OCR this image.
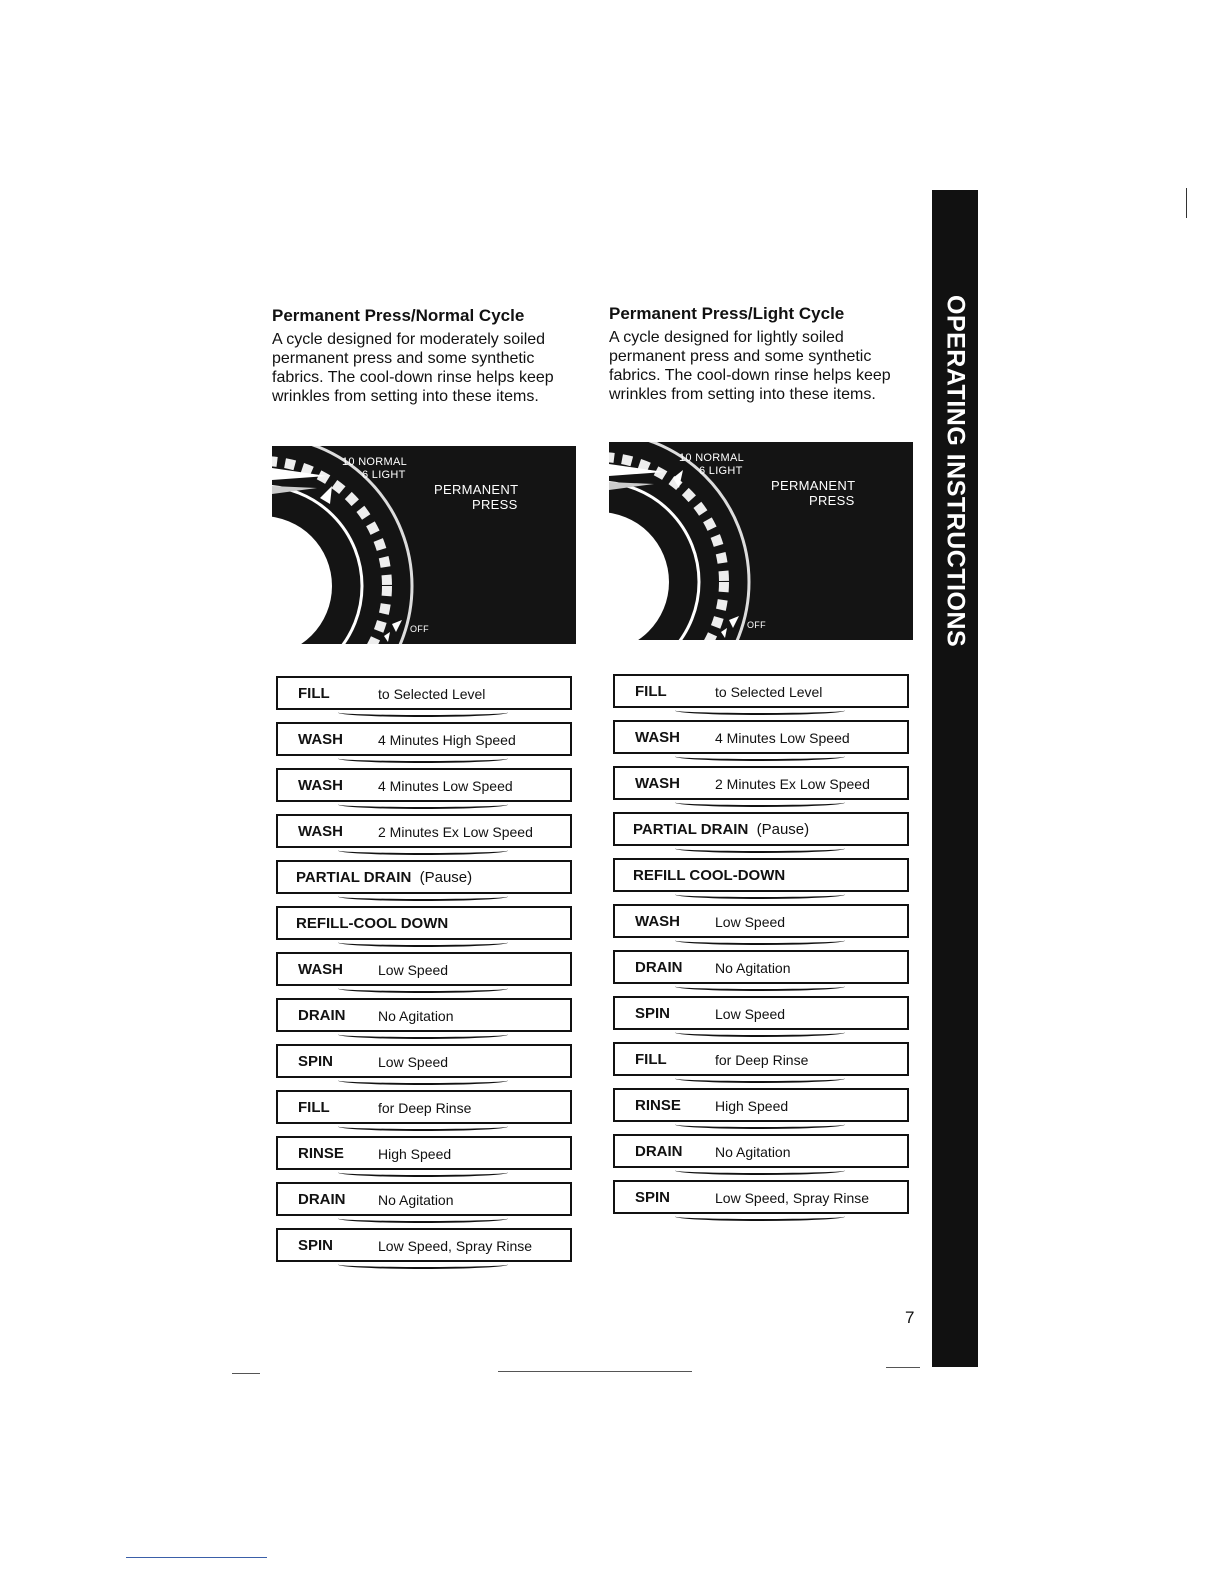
OPERATING INSTRUCTIONS
Permanent Press/Normal Cycle

A cycle designed for moderately soiled permanent press and some synthetic fabrics. The cool-down rinse helps keep wrinkles from setting into these items.

10 NORMAL
6 LIGHT
PERMANENT
PRESS
OFF
FILL	to Selected Level
WASH	4 Minutes High Speed
WASH	4 Minutes Low Speed
WASH	2 Minutes Ex Low Speed
PARTIAL DRAIN (Pause)
REFILL-COOL DOWN
WASH	Low Speed
DRAIN No Agitation
SPIN	Low Speed
FILL	for Deep Rinse
RINSE High Speed
DRAIN No Agitation
SPIN	Low Speed, Spray Rinse
Permanent Press/Light Cycle

A cycle designed for lightly soiled permanent press and some synthetic fabrics. The cool-down rinse helps keep wrinkles from setting into these items.

10 NORMAL
6 LIGHT
PERMANENT
PRESS
OFF
FILL	to Selected Level
WASH	4 Minutes Low Speed
WASH	2 Minutes Ex Low Speed
PARTIAL DRAIN (Pause)
REFILL COOL-DOWN
WASH	Low Speed
DRAIN No Agitation
SPIN	Low Speed
FILL	for Deep Rinse
RINSE High Speed
DRAIN No Agitation
SPIN	Low Speed, Spray Rinse
7
